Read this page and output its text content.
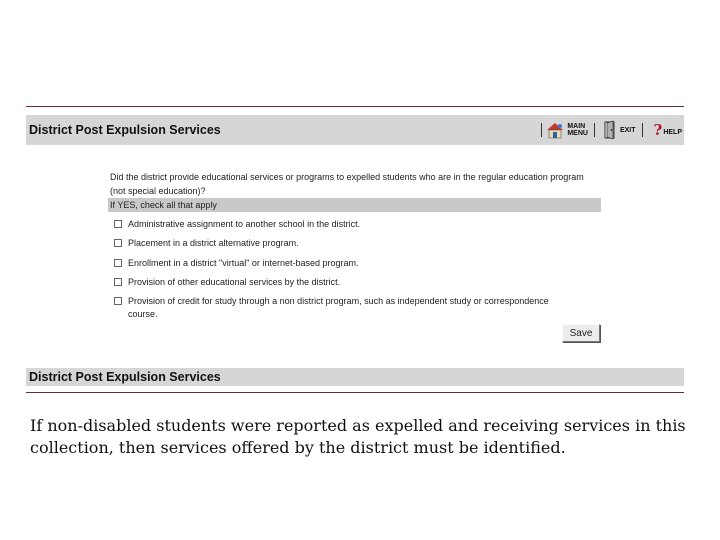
District Post Expulsion Services	MAIN
MENU	EXIT ? HELP
Did the district provide educational services or programs to expelled students who are in the regular education program (not special education)?
If YES, check all that apply
Administrative assignment to another school in the district.
Placement in a district alternative program.
Enrollment in a district "virtual" or internet-based program.
Provision of other educational services by the district.
Provision of credit for study through a non district program, such as independent study or correspondence course.
Save
District Post Expulsion Services
If non-disabled students were reported as expelled and receiving services in this collection, then services offered by the district must be identified.
